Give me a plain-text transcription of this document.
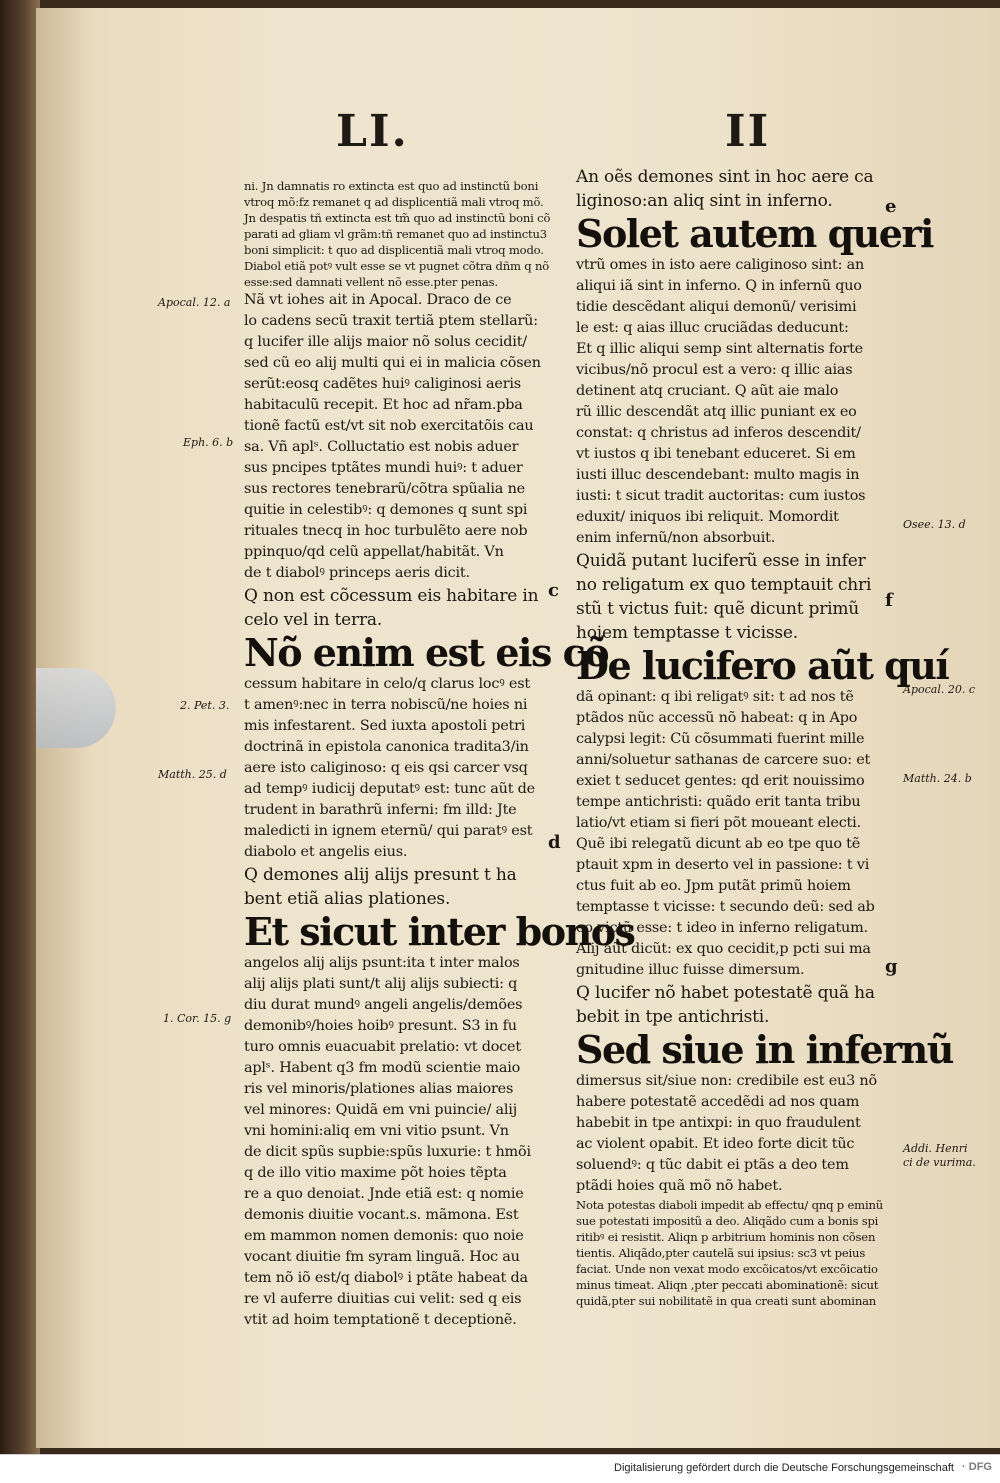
LI.	II
ni. Jn damnatis ro extincta est quo ad instinctũ boni
vtroq mõ:fz remanet q ad displicentiã mali vtroq mõ.
Jn despatis tñ extincta est tm̃ quo ad instinctũ boni cõ
parati ad gliam vl grãm:tñ remanet quo ad instinctu3
boni simplicit: t quo ad displicentiã mali vtroq modo.
Diabol etiã potꝰ vult esse se vt pugnet cõtra dñm q nõ
esse:sed damnati vellent nõ esse.pter penas.
Nã vt iohes ait in Apocal. Draco de ce
lo cadens secũ traxit tertiã ptem stellarũ:
q lucifer ille alijs maior nõ solus cecidit/
sed cũ eo alij multi qui ei in malicia cõsen
serũt:eosq cadẽtes huiꝰ caliginosi aeris
habitaculũ recepit. Et hoc ad nr̃am.pba
tionẽ factũ est/vt sit nob exercitatõis cau
sa. Vñ aplˢ. Colluctatio est nobis aduer
sus pncipes tptãtes mundi huiꝰ: t aduer
sus rectores tenebrarũ/cõtra spũalia ne
quitie in celestibꝰ: q demones q sunt spi
rituales tnecq in hoc turbulẽto aere nob
ppinquo/qd celũ appellat/habitãt. Vn
de t diabolꝰ princeps aeris dicit.
Q non est cõcessum eis habitare in
celo vel in terra.
Nõ enim est eis cõ
cessum habitare in celo/q clarus locꝰ est
t amenꝰ:nec in terra nobiscũ/ne hoies ni
mis infestarent. Sed iuxta apostoli petri
doctrinã in epistola canonica tradita3/in
aere isto caliginoso: q eis qsi carcer vsq
ad tempꝰ iudicij deputatꝰ est: tunc aũt de
trudent in barathrũ inferni: fm illd: Jte
maledicti in ignem eternũ/ qui paratꝰ est
diabolo et angelis eius.
Q demones alij alijs presunt t ha
bent etiã alias plationes.
Et sicut inter bonos
angelos alij alijs psunt:ita t inter malos
alij alijs plati sunt/t alij alijs subiecti: q
diu durat mundꝰ angeli angelis/demões
demonibꝰ/hoies hoibꝰ presunt. S3 in fu
turo omnis euacuabit prelatio: vt docet
aplˢ. Habent q3 fm modũ scientie maio
ris vel minoris/plationes alias maiores
vel minores: Quidã em vni puincie/ alij
vni homini:aliq em vni vitio psunt. Vn
de dicit spũs supbie:spũs luxurie: t hmõi
q de illo vitio maxime põt hoies tẽpta
re a quo denoiat. Jnde etiã est: q nomie
demonis diuitie vocant.s. mãmona. Est
em mammon nomen demonis: quo noie
vocant diuitie fm syram linguã. Hoc au
tem nõ iõ est/q diabolꝰ i ptãte habeat da
re vl auferre diuitias cui velit: sed q eis
vtit ad hoim temptationẽ t deceptionẽ.
An oẽs demones sint in hoc aere ca
liginoso:an aliq sint in inferno.
Solet autem queri
vtrũ omes in isto aere caliginoso sint: an
aliqui iã sint in inferno. Q in infernũ quo
tidie descẽdant aliqui demonũ/ verisimi
le est: q aias illuc cruciãdas deducunt:
Et q illic aliqui semp sint alternatis forte
vicibus/nõ procul est a vero: q illic aias
detinent atq cruciant. Q aũt aie malo
rũ illic descendãt atq illic puniant ex eo
constat: q christus ad inferos descendit/
vt iustos q ibi tenebant educeret. Si em
iusti illuc descendebant: multo magis in
iusti: t sicut tradit auctoritas: cum iustos
eduxit/ iniquos ibi reliquit. Momordit
enim infernũ/non absorbuit.
Quidã putant luciferũ esse in infer
no religatum ex quo temptauit chri
stũ t victus fuit: quẽ dicunt primũ
hoiem temptasse t vicisse.
De lucifero aũt quí
dã opinant: q ibi religatꝰ sit: t ad nos tẽ
ptãdos nũc accessũ nõ habeat: q in Apo
calypsi legit: Cũ cõsummati fuerint mille
anni/soluetur sathanas de carcere suo: et
exiet t seducet gentes: qd erit nouissimo
tempe antichristi: quãdo erit tanta tribu
latio/vt etiam si fieri põt moueant electi.
Quẽ ibi relegatũ dicunt ab eo tpe quo tẽ
ptauit xpm in deserto vel in passione: t vi
ctus fuit ab eo. Jpm putãt primũ hoiem
temptasse t vicisse: t secundo deũ: sed ab
eo victũ esse: t ideo in inferno religatum.
Alij aũt dicũt: ex quo cecidit,p pcti sui ma
gnitudine illuc fuisse dimersum.
Q lucifer nõ habet potestatẽ quã ha
bebit in tpe antichristi.
Sed siue in infernũ
dimersus sit/siue non: credibile est eu3 nõ
habere potestatẽ accedẽdi ad nos quam
habebit in tpe antixpi: in quo fraudulent
ac violent opabit. Et ideo forte dicit tũc
soluendꝰ: q tũc dabit ei ptãs a deo tem
ptãdi hoies quã mõ nõ habet.
Nota potestas diaboli impedit ab effectu/ qnq p eminũ
sue potestati impositũ a deo. Aliqãdo cum a bonis spi
ritibꝰ ei resistit. Aliqn p arbitrium hominis non cõsen
tientis. Aliqãdo,pter cautelã sui ipsius: sc3 vt peius
faciat. Unde non vexat modo excõicatos/vt excõicatio
minus timeat. Aliqn ,pter peccati abominationẽ: sicut
quidã,pter sui nobilitatẽ in qua creati sunt abominan
Apocal. 12. a
Eph. 6. b
2. Pet. 3.
Matth. 25. d
1. Cor. 15. g
Osee. 13. d
Apocal. 20. c
Matth. 24. b
Addi. Henri
ci de vurima.
c
d
e
f
g
Digitalisierung gefördert durch die Deutsche Forschungsgemeinschaft · DFG
